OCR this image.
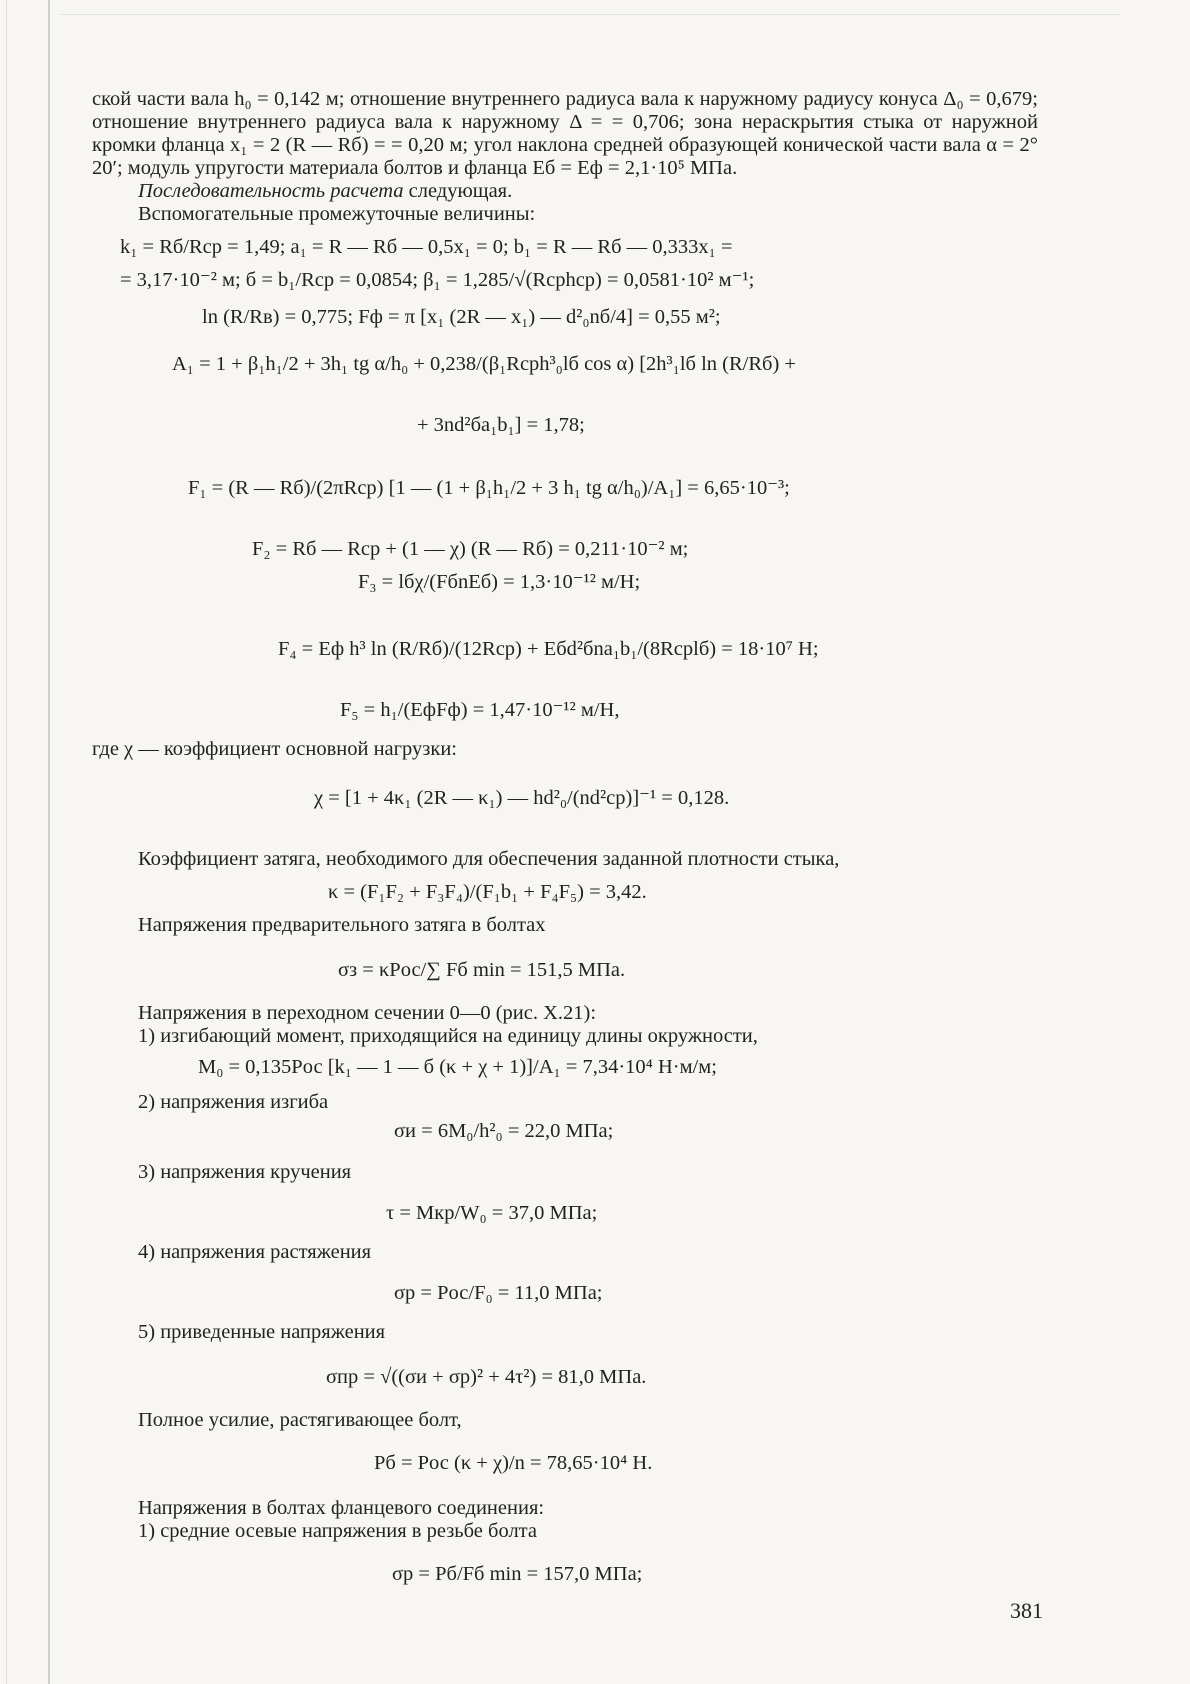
ской части вала h₀ = 0,142 м; отношение внутреннего радиуса вала к наружному радиусу конуса Δ₀ = 0,679; отношение внутреннего радиуса вала к наружному Δ = = 0,706; зона нераскрытия стыка от наружной кромки фланца x₁ = 2 (R — Rб) = = 0,20 м; угол наклона средней образующей конической части вала α = 2° 20′; модуль упругости материала болтов и фланца Eб = Eф = 2,1·10⁵ МПа.

Последовательность расчета следующая.

Вспомогательные промежуточные величины:

k₁ = Rб/Rср = 1,49; a₁ = R — Rб — 0,5x₁ = 0; b₁ = R — Rб — 0,333x₁ =

= 3,17·10⁻² м; б = b₁/Rср = 0,0854; β₁ = 1,285/√(Rсрhср) = 0,0581·10² м⁻¹;

ln (R/Rв) = 0,775; Fф = π [x₁ (2R — x₁) — d²₀nб/4] = 0,55 м²;

A₁ = 1 + β₁h₁/2 + 3h₁ tg α/h₀ + 0,238/(β₁Rсрh³₀lб cos α) [2h³₁lб ln (R/Rб) +

+ 3nd²бa₁b₁] = 1,78;

F₁ = (R — Rб)/(2πRср) [1 — (1 + β₁h₁/2 + 3 h₁ tg α/h₀)/A₁] = 6,65·10⁻³;

F₂ = Rб — Rср + (1 — χ) (R — Rб) = 0,211·10⁻² м;

F₃ = lбχ/(FбnEб) = 1,3·10⁻¹² м/Н;

F₄ = Eф h³ ln (R/Rб)/(12Rср) + Eбd²бna₁b₁/(8Rсрlб) = 18·10⁷ Н;

F₅ = h₁/(EфFф) = 1,47·10⁻¹² м/Н,

где χ — коэффициент основной нагрузки:

χ = [1 + 4κ₁ (2R — κ₁) — hd²₀/(nd²ср)]⁻¹ = 0,128.

Коэффициент затяга, необходимого для обеспечения заданной плотности стыка,

κ = (F₁F₂ + F₃F₄)/(F₁b₁ + F₄F₅) = 3,42.

Напряжения предварительного затяга в болтах

σз = κPос/∑ Fб min = 151,5 МПа.

Напряжения в переходном сечении 0—0 (рис. X.21):

1) изгибающий момент, приходящийся на единицу длины окружности,

M₀ = 0,135Pос [k₁ — 1 — б (κ + χ + 1)]/A₁ = 7,34·10⁴ Н·м/м;

2) напряжения изгиба

σи = 6M₀/h²₀ = 22,0 МПа;

3) напряжения кручения

τ = Mкр/W₀ = 37,0 МПа;

4) напряжения растяжения

σр = Pос/F₀ = 11,0 МПа;

5) приведенные напряжения

σпр = √((σи + σр)² + 4τ²) = 81,0 МПа.

Полное усилие, растягивающее болт,

Pб = Pос (κ + χ)/n = 78,65·10⁴ Н.

Напряжения в болтах фланцевого соединения:

1) средние осевые напряжения в резьбе болта

σр = Pб/Fб min = 157,0 МПа;

381
